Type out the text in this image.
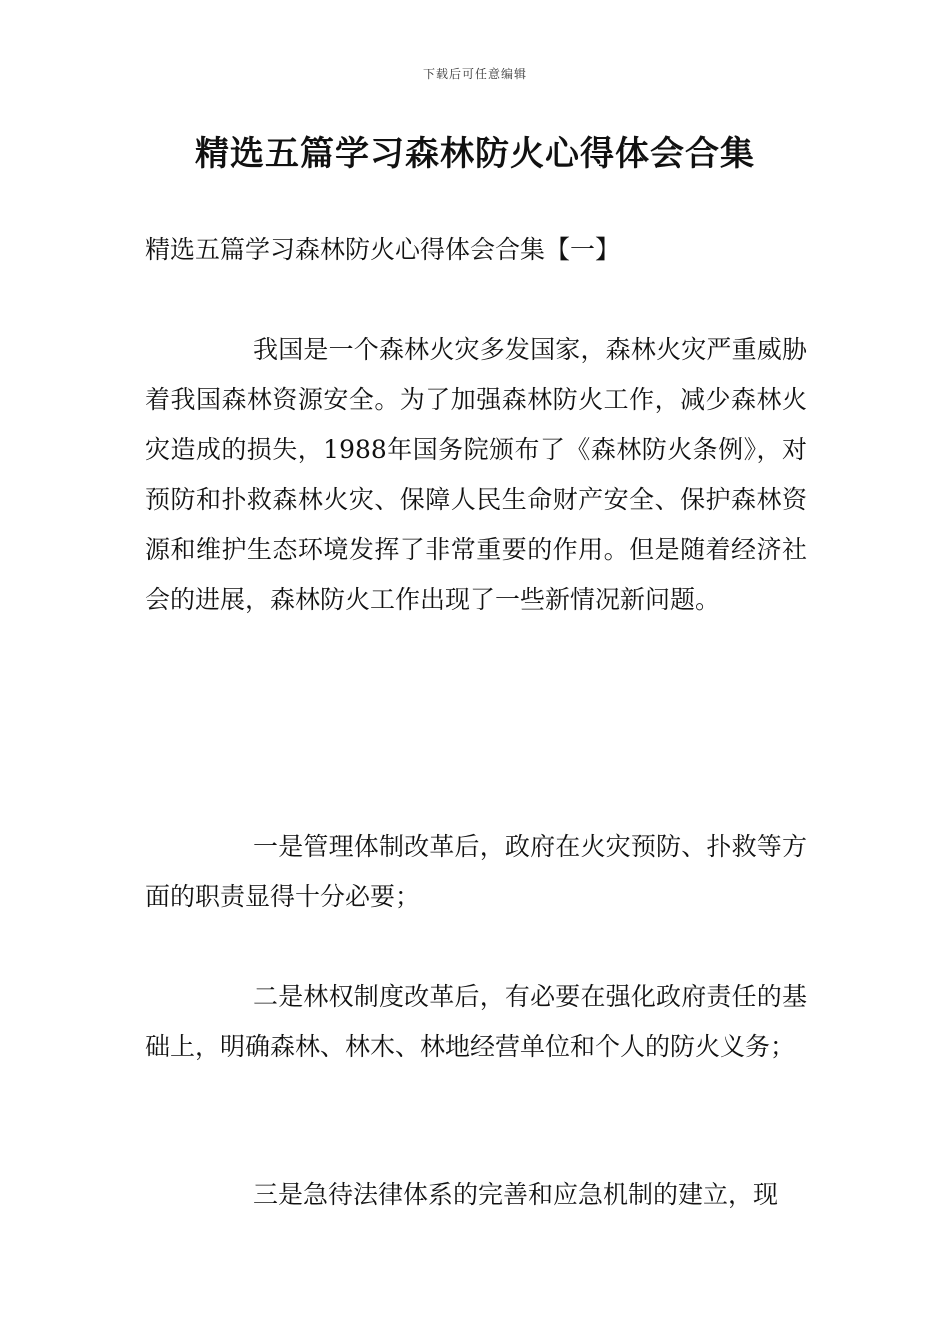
下载后可任意编辑
精选五篇学习森林防火心得体会合集
精选五篇学习森林防火心得体会合集【一】

我国是一个森林火灾多发国家，森林火灾严重威胁着我国森林资源安全。为了加强森林防火工作，减少森林火灾造成的损失，1988年国务院颁布了《森林防火条例》，对预防和扑救森林火灾、保障人民生命财产安全、保护森林资源和维护生态环境发挥了非常重要的作用。但是随着经济社会的进展，森林防火工作出现了一些新情况新问题。

一是管理体制改革后，政府在火灾预防、扑救等方面的职责显得十分必要；

二是林权制度改革后，有必要在强化政府责任的基础上，明确森林、林木、林地经营单位和个人的防火义务；

三是急待法律体系的完善和应急机制的建立，现
